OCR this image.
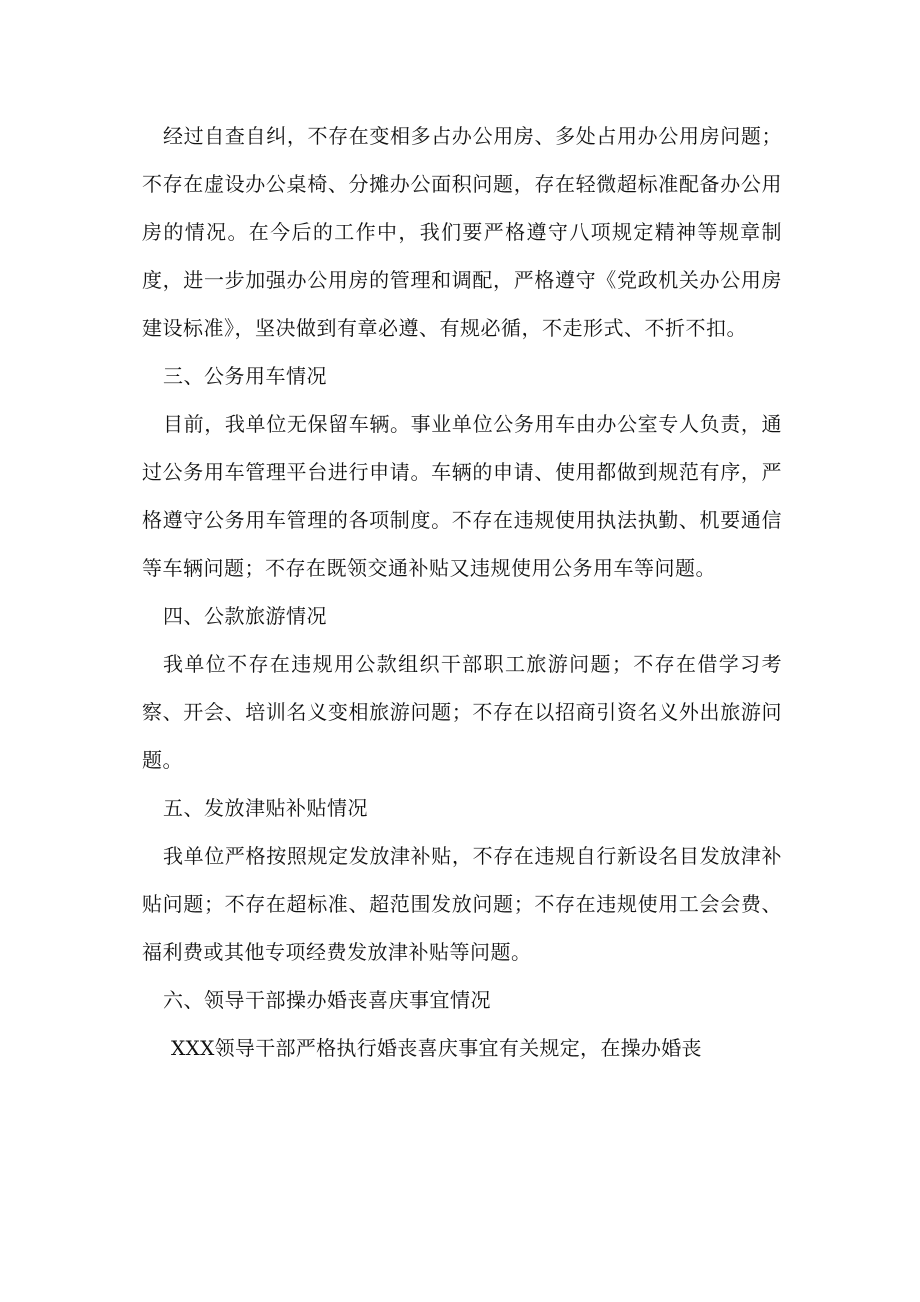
经过自查自纠，不存在变相多占办公用房、多处占用办公用房问题；不存在虚设办公桌椅、分摊办公面积问题，存在轻微超标准配备办公用房的情况。在今后的工作中，我们要严格遵守八项规定精神等规章制度，进一步加强办公用房的管理和调配，严格遵守《党政机关办公用房建设标准》，坚决做到有章必遵、有规必循，不走形式、不折不扣。

三、公务用车情况

目前，我单位无保留车辆。事业单位公务用车由办公室专人负责，通过公务用车管理平台进行申请。车辆的申请、使用都做到规范有序，严格遵守公务用车管理的各项制度。不存在违规使用执法执勤、机要通信等车辆问题；不存在既领交通补贴又违规使用公务用车等问题。

四、公款旅游情况

我单位不存在违规用公款组织干部职工旅游问题；不存在借学习考察、开会、培训名义变相旅游问题；不存在以招商引资名义外出旅游问题。

五、发放津贴补贴情况

我单位严格按照规定发放津补贴，不存在违规自行新设名目发放津补贴问题；不存在超标准、超范围发放问题；不存在违规使用工会会费、福利费或其他专项经费发放津补贴等问题。

六、领导干部操办婚丧喜庆事宜情况

XXX领导干部严格执行婚丧喜庆事宜有关规定，在操办婚丧
